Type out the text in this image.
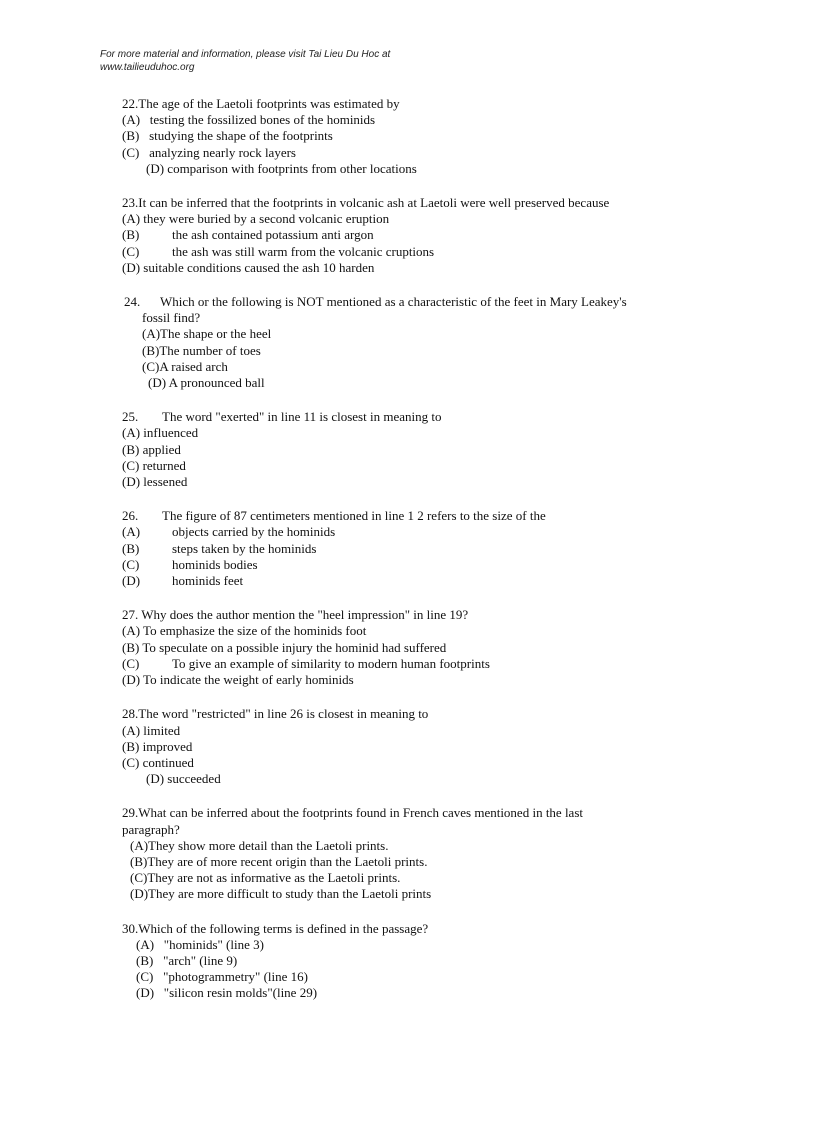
For more material and information, please visit Tai Lieu Du Hoc at
www.tailieuduhoc.org
22.The age of the Laetoli footprints was estimated by
(A)   testing the fossilized bones of the hominids
(B)   studying the shape of the footprints
(C)   analyzing nearly rock layers
(D) comparison with footprints from other locations
23.It can be inferred that the footprints in volcanic ash at Laetoli were well preserved because
(A) they were buried by a second volcanic eruption
(B)	the ash contained potassium anti argon
(C)	the ash was still warm from the volcanic cruptions
(D) suitable conditions caused the ash 10 harden
24. Which or the following is NOT mentioned as a characteristic of the feet in Mary Leakey's
fossil find?
(A)The shape or the heel
(B)The number of toes
(C)A raised arch
(D) A pronounced ball
25. The word "exerted" in line 11 is closest in meaning to
(A) influenced
(B) applied
(C) returned
(D) lessened
26. The figure of 87 centimeters mentioned in line 1 2 refers to the size of the
(A) objects carried by the hominids
(B)	steps taken by the hominids
(C)	hominids bodies
(D) hominids feet
27. Why does the author mention the "heel impression" in line 19?
(A) To emphasize the size of the hominids foot
(B) To speculate on a possible injury the hominid had suffered
(C)	To give an example of similarity to modern human footprints
(D) To indicate the weight of early hominids
28.The word "restricted" in line 26 is closest in meaning to
(A) limited
(B) improved
(C) continued
(D) succeeded
29.What can be inferred about the footprints found in French caves mentioned in the last
paragraph?
(A)They show more detail than the Laetoli prints.
(B)They are of more recent origin than the Laetoli prints.
(C)They are not as informative as the Laetoli prints.
(D)They are more difficult to study than the Laetoli prints
30.Which of the following terms is defined in the passage?
(A)   "hominids" (line 3)
(B)   "arch" (line 9)
(C)   "photogrammetry" (line 16)
(D)   "silicon resin molds"(line 29)
